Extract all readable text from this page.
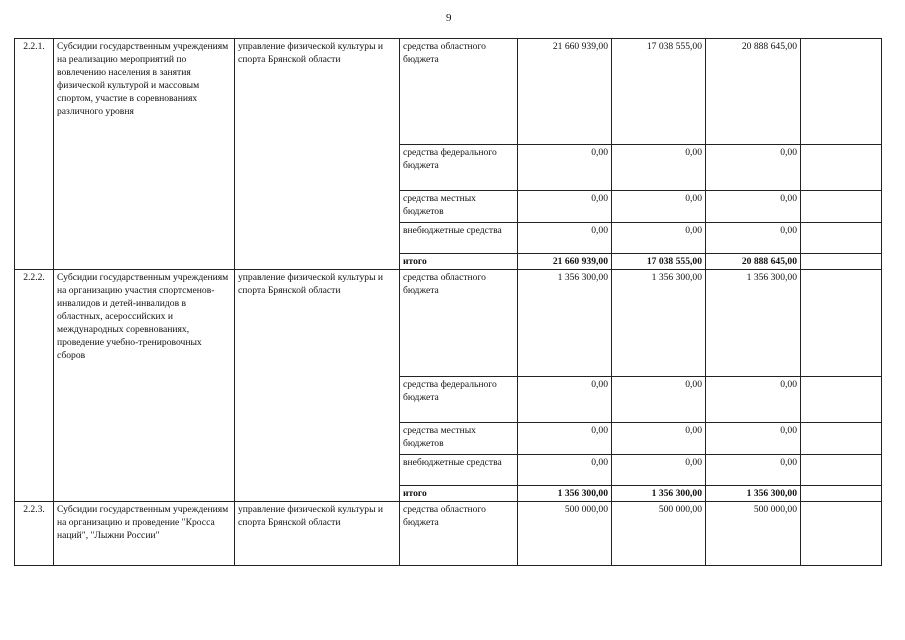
9
2.2.1.	Субсидии государственным учреждениям на реализацию мероприятий по вовлечению населения в занятия физической культурой и массовым спортом, участие в соревнованиях различного уровня	управление физической культуры и спорта Брянской области	средства областного бюджета	21 660 939,00	17 038 555,00	20 888 645,00	
			средства федерального бюджета	0,00	0,00	0,00	
			средства местных бюджетов	0,00	0,00	0,00	
			внебюджетные средства	0,00	0,00	0,00	
			итого	21 660 939,00	17 038 555,00	20 888 645,00	
2.2.2.	Субсидии государственным учреждениям на организацию участия спортсменов-инвалидов и детей-инвалидов в областных, асероссийских и международных соревнованиях, проведение учебно-тренировочных сборов	управление физической культуры и спорта Брянской области	средства областного бюджета	1 356 300,00	1 356 300,00	1 356 300,00	
			средства федерального бюджета	0,00	0,00	0,00	
			средства местных бюджетов	0,00	0,00	0,00	
			внебюджетные средства	0,00	0,00	0,00	
			итого	1 356 300,00	1 356 300,00	1 356 300,00	
2.2.3.	Субсидии государственным учреждениям на организацию и проведение "Кросса наций", "Лыжни России"	управление физической культуры и спорта Брянской области	средства областного бюджета	500 000,00	500 000,00	500 000,00	
